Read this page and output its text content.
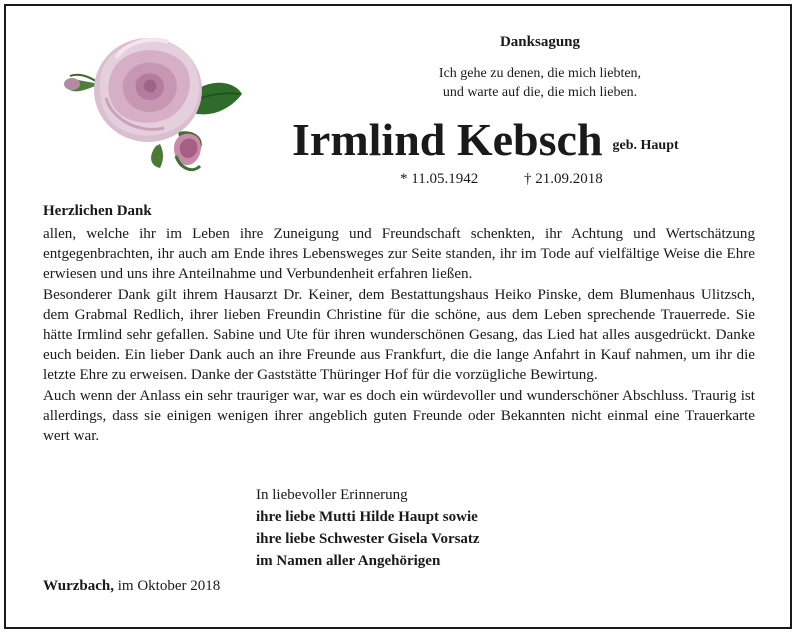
Danksagung
Ich gehe zu denen, die mich liebten,
und warte auf die, die mich lieben.
Irmlind Kebsch geb. Haupt
* 11.05.1942	† 21.09.2018
Herzlichen Dank

allen, welche ihr im Leben ihre Zuneigung und Freundschaft schenkten, ihr Achtung und Wertschätzung entgegenbrachten, ihr auch am Ende ihres Lebensweges zur Seite standen, ihr im Tode auf vielfältige Weise die Ehre erwiesen und uns ihre Anteilnahme und Verbundenheit erfahren ließen.

Besonderer Dank gilt ihrem Hausarzt Dr. Keiner, dem Bestattungshaus Heiko Pinske, dem Blumenhaus Ulitzsch, dem Grabmal Redlich, ihrer lieben Freundin Christine für die schöne, aus dem Leben sprechende Trauerrede. Sie hätte Irmlind sehr gefallen. Sabine und Ute für ihren wunderschönen Gesang, das Lied hat alles ausgedrückt. Danke euch beiden. Ein lieber Dank auch an ihre Freunde aus Frankfurt, die die lange Anfahrt in Kauf nahmen, um ihr die letzte Ehre zu erweisen. Danke der Gaststätte Thüringer Hof für die vorzügliche Bewirtung.

Auch wenn der Anlass ein sehr trauriger war, war es doch ein würdevoller und wunderschöner Abschluss. Traurig ist allerdings, dass sie einigen wenigen ihrer angeblich guten Freunde oder Bekannten nicht einmal eine Trauerkarte wert war.

In liebevoller Erinnerung
ihre liebe Mutti Hilde Haupt sowie
ihre liebe Schwester Gisela Vorsatz
im Namen aller Angehörigen
Wurzbach, im Oktober 2018
